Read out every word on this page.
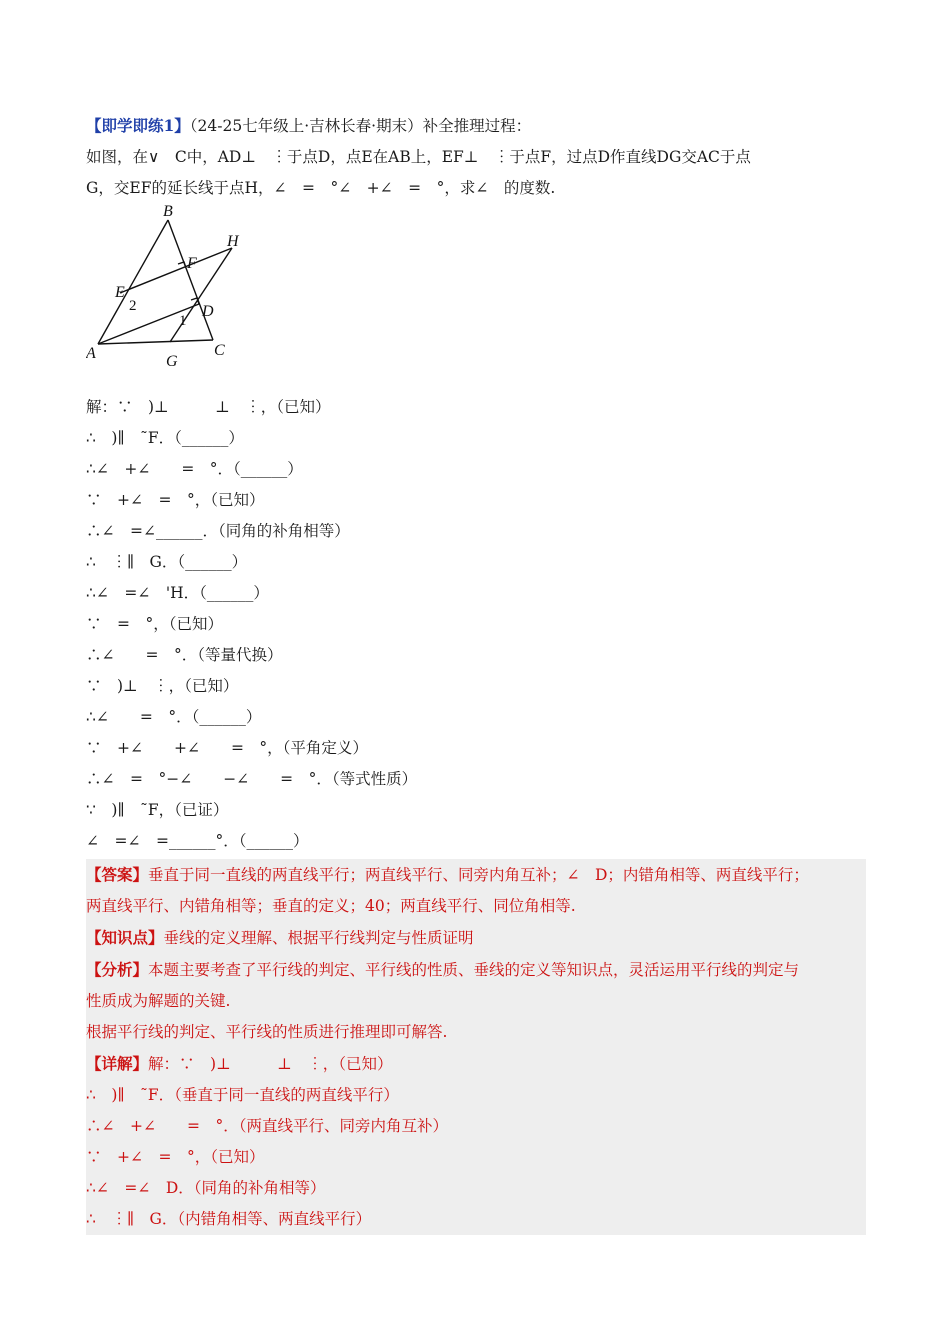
【即学即练1】（24-25七年级上·吉林长春·期末）补全推理过程：
如图，在∨　C中，AD⊥　︙于点D，点E在AB上，EF⊥　︙于点F，过点D作直线DG交AC于点
G，交EF的延长线于点H，∠　=　°∠　+∠　=　°，求∠　的度数.
B
H
F
E
D
A	C
G
2
1
解：∵　)⊥　　　⊥　︙，（已知）
∴　)∥　˜F．（______）
∴∠　+∠　　=　°．（______）
∵　+∠　=　°，（已知）
∴∠　=∠______．（同角的补角相等）
∴　︙∥　G．（______）
∴∠　=∠　'H．（______）
∵　=　°，（已知）
∴∠　　=　°．（等量代换）
∵　)⊥　︙，（已知）
∴∠　　=　°．（______）
∵　+∠　　+∠　　=　°，（平角定义）
∴∠　=　°−∠　　−∠　　=　°．（等式性质）
∵　)∥　˜F，（已证）
∠　=∠　=______°．（______）
【答案】垂直于同一直线的两直线平行；两直线平行、同旁内角互补；∠　D；内错角相等、两直线平行；
两直线平行、内错角相等；垂直的定义；40；两直线平行、同位角相等.
【知识点】垂线的定义理解、根据平行线判定与性质证明
【分析】本题主要考查了平行线的判定、平行线的性质、垂线的定义等知识点，灵活运用平行线的判定与
性质成为解题的关键.
根据平行线的判定、平行线的性质进行推理即可解答.
【详解】解：∵　)⊥　　　⊥　︙，（已知）
∴　)∥　˜F．（垂直于同一直线的两直线平行）
∴∠　+∠　　=　°．（两直线平行、同旁内角互补）
∵　+∠　=　°，（已知）
∴∠　=∠　D．（同角的补角相等）
∴　︙∥　G．（内错角相等、两直线平行）
